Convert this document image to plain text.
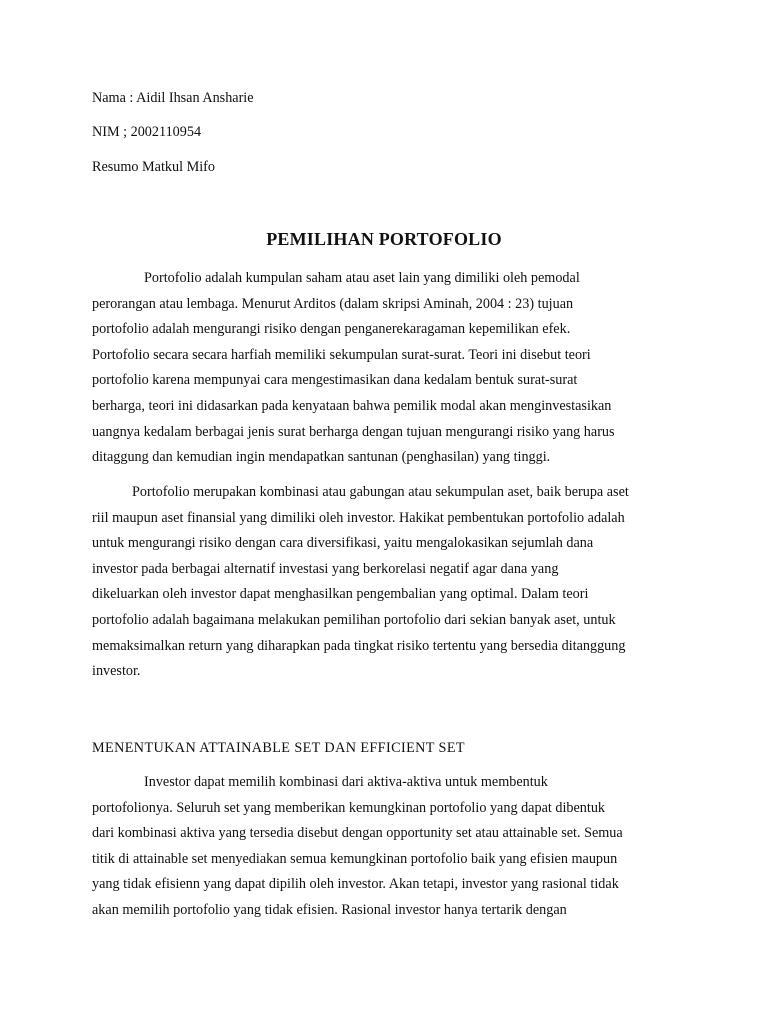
Nama : Aidil Ihsan Ansharie
NIM ; 2002110954
Resumo Matkul Mifo
PEMILIHAN PORTOFOLIO
Portofolio adalah kumpulan saham atau aset lain yang dimiliki oleh pemodal
perorangan atau lembaga. Menurut Arditos (dalam skripsi Aminah, 2004 : 23) tujuan
portofolio adalah mengurangi risiko dengan penganerekaragaman kepemilikan efek.
Portofolio secara secara harfiah memiliki sekumpulan surat-surat. Teori ini disebut teori
portofolio karena mempunyai cara mengestimasikan dana kedalam bentuk surat-surat
berharga, teori ini didasarkan pada kenyataan bahwa pemilik modal akan menginvestasikan
uangnya kedalam berbagai jenis surat berharga dengan tujuan mengurangi risiko yang harus
ditaggung dan kemudian ingin mendapatkan santunan (penghasilan) yang tinggi.
Portofolio merupakan kombinasi atau gabungan atau sekumpulan aset, baik berupa aset
riil maupun aset finansial yang dimiliki oleh investor. Hakikat pembentukan portofolio adalah
untuk mengurangi risiko dengan cara diversifikasi, yaitu mengalokasikan sejumlah dana
investor pada berbagai alternatif investasi yang berkorelasi negatif agar dana yang
dikeluarkan oleh investor dapat menghasilkan pengembalian yang optimal. Dalam teori
portofolio adalah bagaimana melakukan pemilihan portofolio dari sekian banyak aset, untuk
memaksimalkan return yang diharapkan pada tingkat risiko tertentu yang bersedia ditanggung
investor.
MENENTUKAN ATTAINABLE SET DAN EFFICIENT SET
Investor dapat memilih kombinasi dari aktiva-aktiva untuk membentuk
portofolionya. Seluruh set yang memberikan kemungkinan portofolio yang dapat dibentuk
dari kombinasi aktiva yang tersedia disebut dengan opportunity set atau attainable set. Semua
titik di attainable set menyediakan semua kemungkinan portofolio baik yang efisien maupun
yang tidak efisienn yang dapat dipilih oleh investor. Akan tetapi, investor yang rasional tidak
akan memilih portofolio yang tidak efisien. Rasional investor hanya tertarik dengan
